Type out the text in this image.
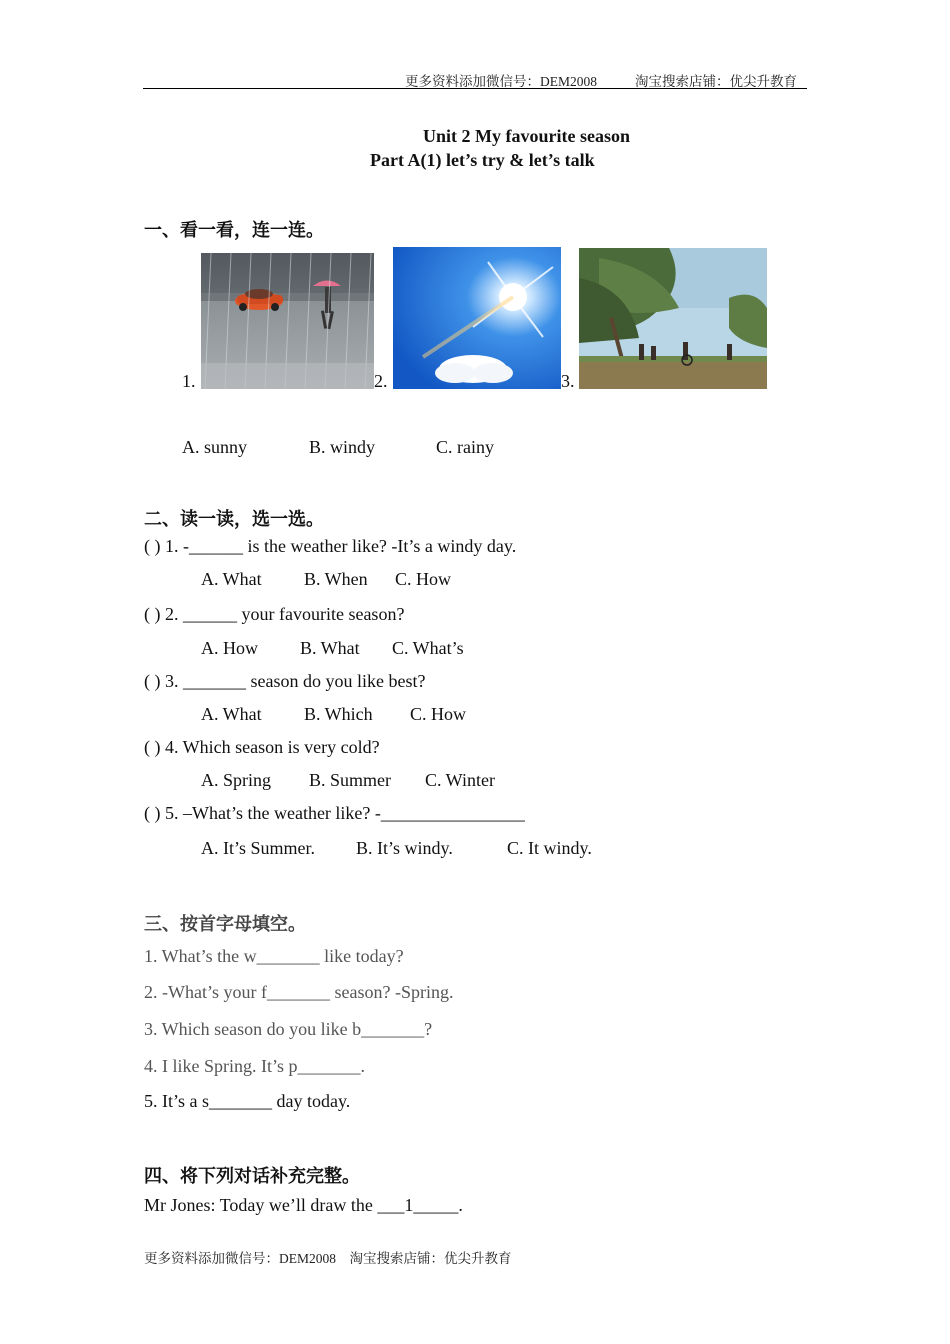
更多资料添加微信号：DEM2008	淘宝搜索店铺：优尖升教育
Unit 2 My favourite season
Part A(1) let’s try & let’s talk
一、看一看，连一连。
1.	2.	3.
A. sunny	B. windy	C. rainy
二、读一读，选一选。
( ) 1. -______ is the weather like? -It’s a windy day.
A. What B. When C. How
( ) 2. ______ your favourite season?
A. How B. What C. What’s
( ) 3. _______ season do you like best?
A. What B. Which C. How
( ) 4. Which season is very cold?
A. Spring B. Summer C. Winter
( ) 5. –What’s the weather like? -________________
A. It’s Summer. B. It’s windy.	C. It windy.
三、按首字母填空。
1. What’s the w_______ like today?
2. -What’s your f_______ season? -Spring.
3. Which season do you like b_______?
4. I like Spring. It’s p_______.
5. It’s a s_______ day today.
四、将下列对话补充完整。
Mr Jones: Today we’ll draw the ___1_____.
更多资料添加微信号：DEM2008    淘宝搜索店铺：优尖升教育
